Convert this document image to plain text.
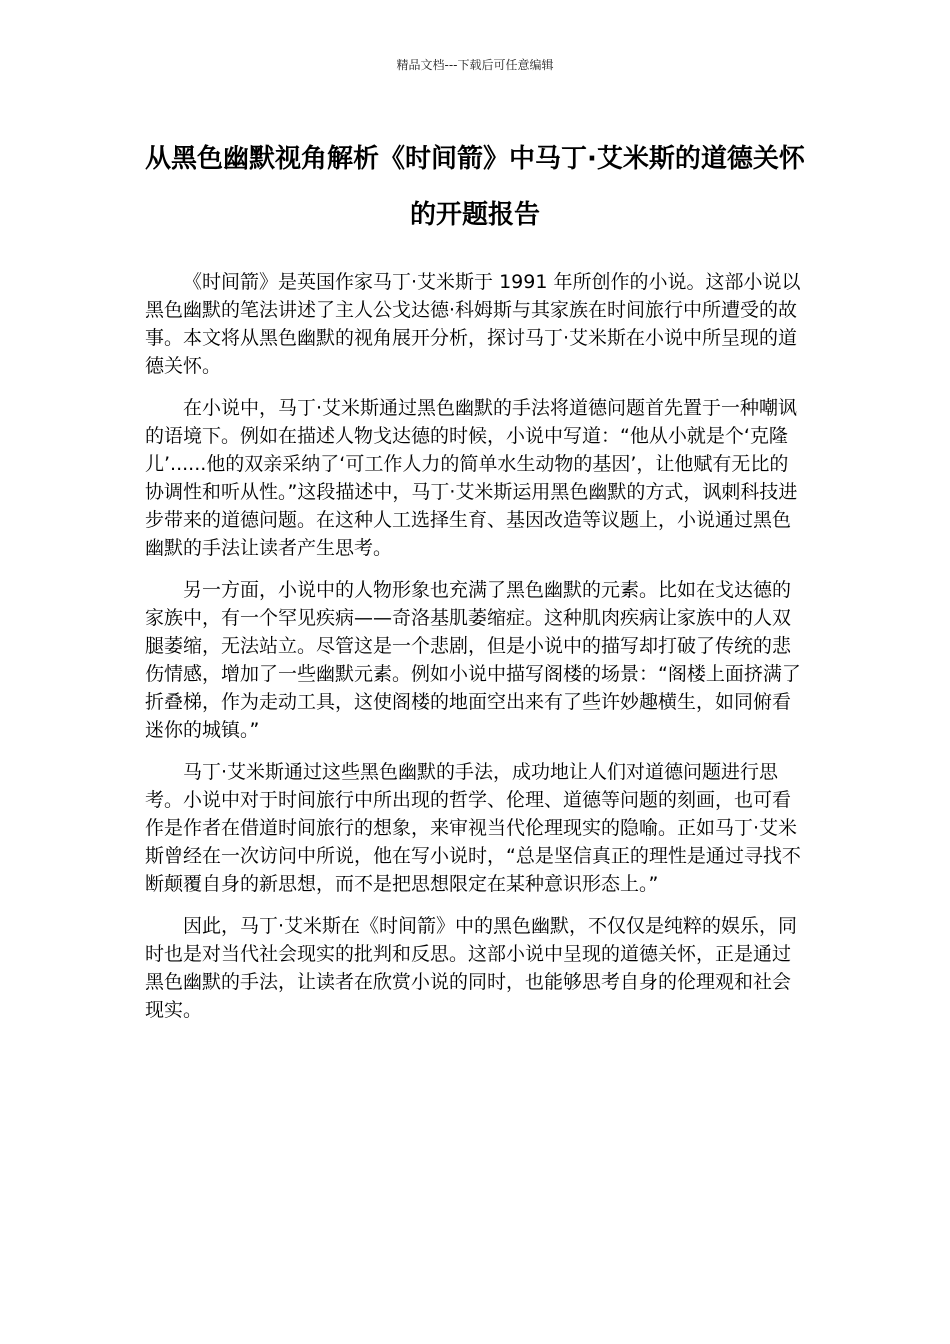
精品文档---下载后可任意编辑
从黑色幽默视角解析《时间箭》中马丁·艾米斯的道德关怀的开题报告

《时间箭》是英国作家马丁·艾米斯于 1991 年所创作的小说。这部小说以黑色幽默的笔法讲述了主人公戈达德·科姆斯与其家族在时间旅行中所遭受的故事。本文将从黑色幽默的视角展开分析，探讨马丁·艾米斯在小说中所呈现的道德关怀。

在小说中，马丁·艾米斯通过黑色幽默的手法将道德问题首先置于一种嘲讽的语境下。例如在描述人物戈达德的时候，小说中写道：“他从小就是个‘克隆儿’......他的双亲采纳了‘可工作人力的简单水生动物的基因’，让他赋有无比的协调性和听从性。”这段描述中，马丁·艾米斯运用黑色幽默的方式，讽刺科技进步带来的道德问题。在这种人工选择生育、基因改造等议题上，小说通过黑色幽默的手法让读者产生思考。

另一方面，小说中的人物形象也充满了黑色幽默的元素。比如在戈达德的家族中，有一个罕见疾病——奇洛基肌萎缩症。这种肌肉疾病让家族中的人双腿萎缩，无法站立。尽管这是一个悲剧，但是小说中的描写却打破了传统的悲伤情感，增加了一些幽默元素。例如小说中描写阁楼的场景：“阁楼上面挤满了折叠梯，作为走动工具，这使阁楼的地面空出来有了些许妙趣横生，如同俯看迷你的城镇。”

马丁·艾米斯通过这些黑色幽默的手法，成功地让人们对道德问题进行思考。小说中对于时间旅行中所出现的哲学、伦理、道德等问题的刻画，也可看作是作者在借道时间旅行的想象，来审视当代伦理现实的隐喻。正如马丁·艾米斯曾经在一次访问中所说，他在写小说时，“总是坚信真正的理性是通过寻找不断颠覆自身的新思想，而不是把思想限定在某种意识形态上。”

因此，马丁·艾米斯在《时间箭》中的黑色幽默，不仅仅是纯粹的娱乐，同时也是对当代社会现实的批判和反思。这部小说中呈现的道德关怀，正是通过黑色幽默的手法，让读者在欣赏小说的同时，也能够思考自身的伦理观和社会现实。
